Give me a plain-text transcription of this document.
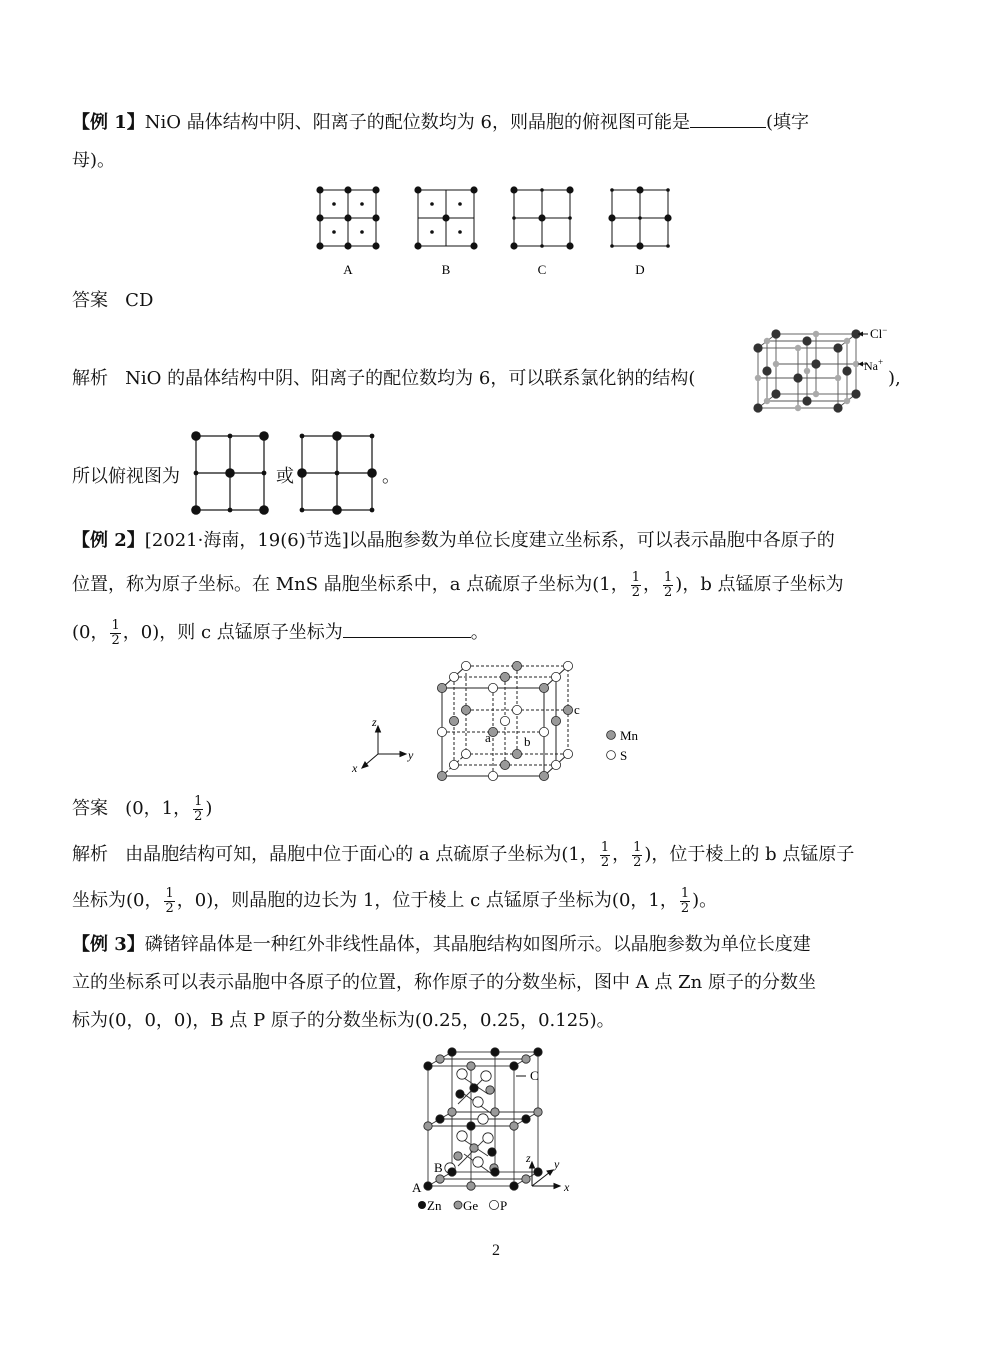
【例 1】NiO 晶体结构中阴、阳离子的配位数均为 6，则晶胞的俯视图可能是	(填字
母)。
A	B	C	D
答案 CD
解析 NiO 的晶体结构中阴、阳离子的配位数均为 6，可以联系氯化钠的结构(	),
Cl−
Na+
所以俯视图为	或	。
【例 2】[2021·海南，19(6)节选]以晶胞参数为单位长度建立坐标系，可以表示晶胞中各原子的
位置，称为原子坐标。在 MnS 晶胞坐标系中，a 点硫原子坐标为(1， $\frac{1}{2}$ ， $\frac{1}{2}$ )，b 点锰原子坐标为
(0， $\frac{1}{2}$ ，0)，则 c 点锰原子坐标为	。
z
y
x
a	b
c
Mn
S
答案 (0，1， $\frac{1}{2}$ )
解析 由晶胞结构可知，晶胞中位于面心的 a 点硫原子坐标为(1， $\frac{1}{2}$ ， $\frac{1}{2}$ )，位于棱上的 b 点锰原子
坐标为(0， $\frac{1}{2}$ ，0)，则晶胞的边长为 1，位于棱上 c 点锰原子坐标为(0，1， $\frac{1}{2}$ )。
【例 3】磷锗锌晶体是一种红外非线性晶体，其晶胞结构如图所示。以晶胞参数为单位长度建
立的坐标系可以表示晶胞中各原子的位置，称作原子的分数坐标，图中 A 点 Zn 原子的分数坐
标为(0，0，0)，B 点 P 原子的分数坐标为(0.25，0.25，0.125)。
C
B
A
z y
x
Zn Ge P
2
